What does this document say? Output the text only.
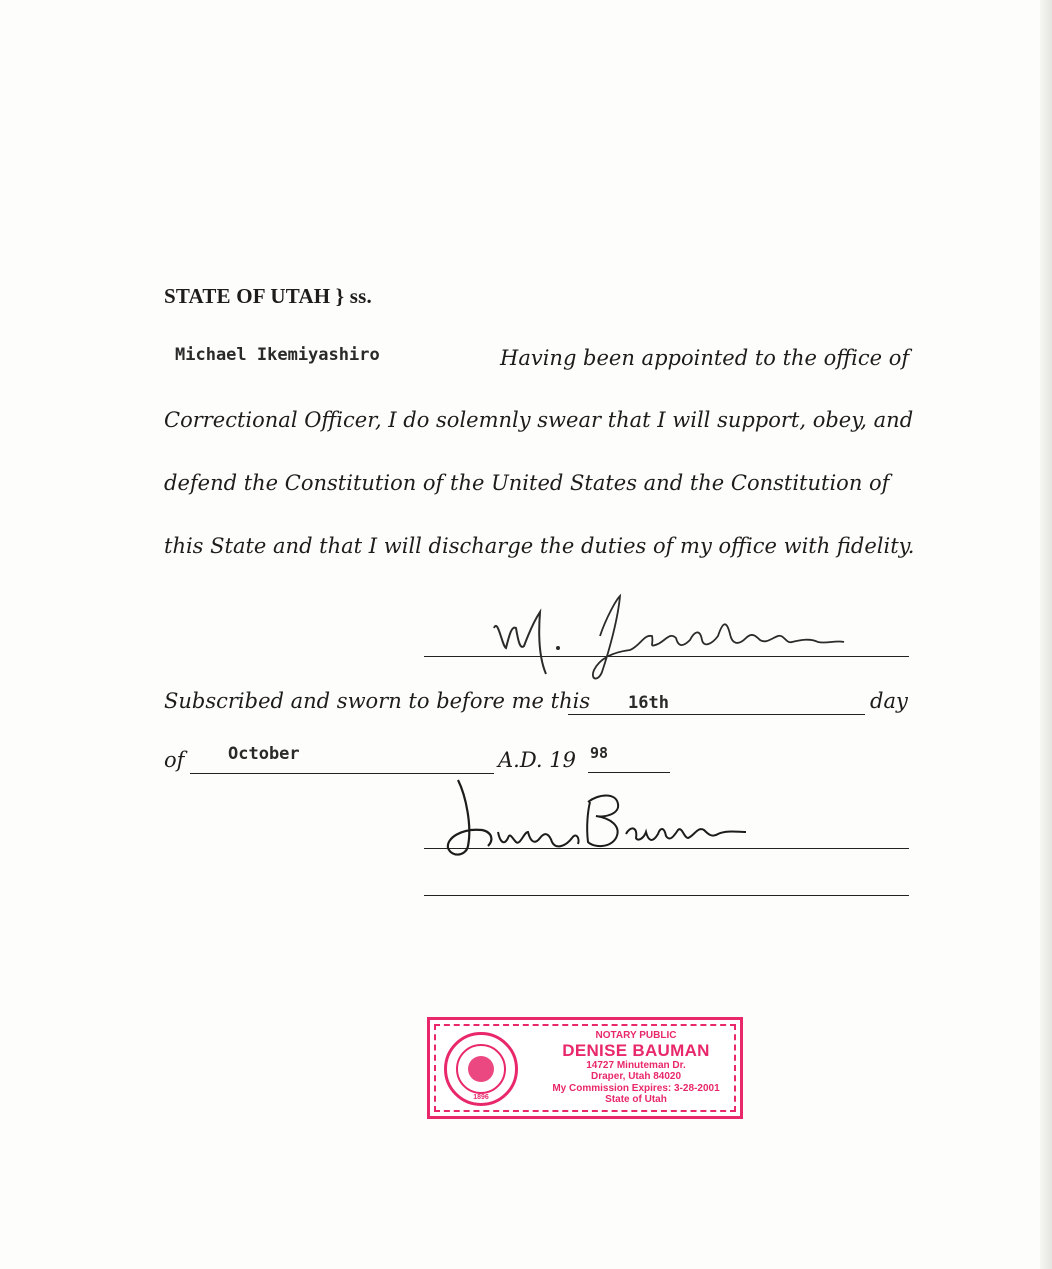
STATE OF UTAH } ss.
Michael Ikemiyashiro	Having been appointed to the office of
Correctional Officer, I do solemnly swear that I will support, obey, and
defend the Constitution of the United States and the Constitution of
this State and that I will discharge the duties of my office with fidelity.
Subscribed and sworn to before me this 16th	day
of	October	A.D. 19 98
1896
NOTARY PUBLIC
DENISE BAUMAN
14727 Minuteman Dr.
Draper, Utah 84020
My Commission Expires: 3-28-2001
State of Utah
